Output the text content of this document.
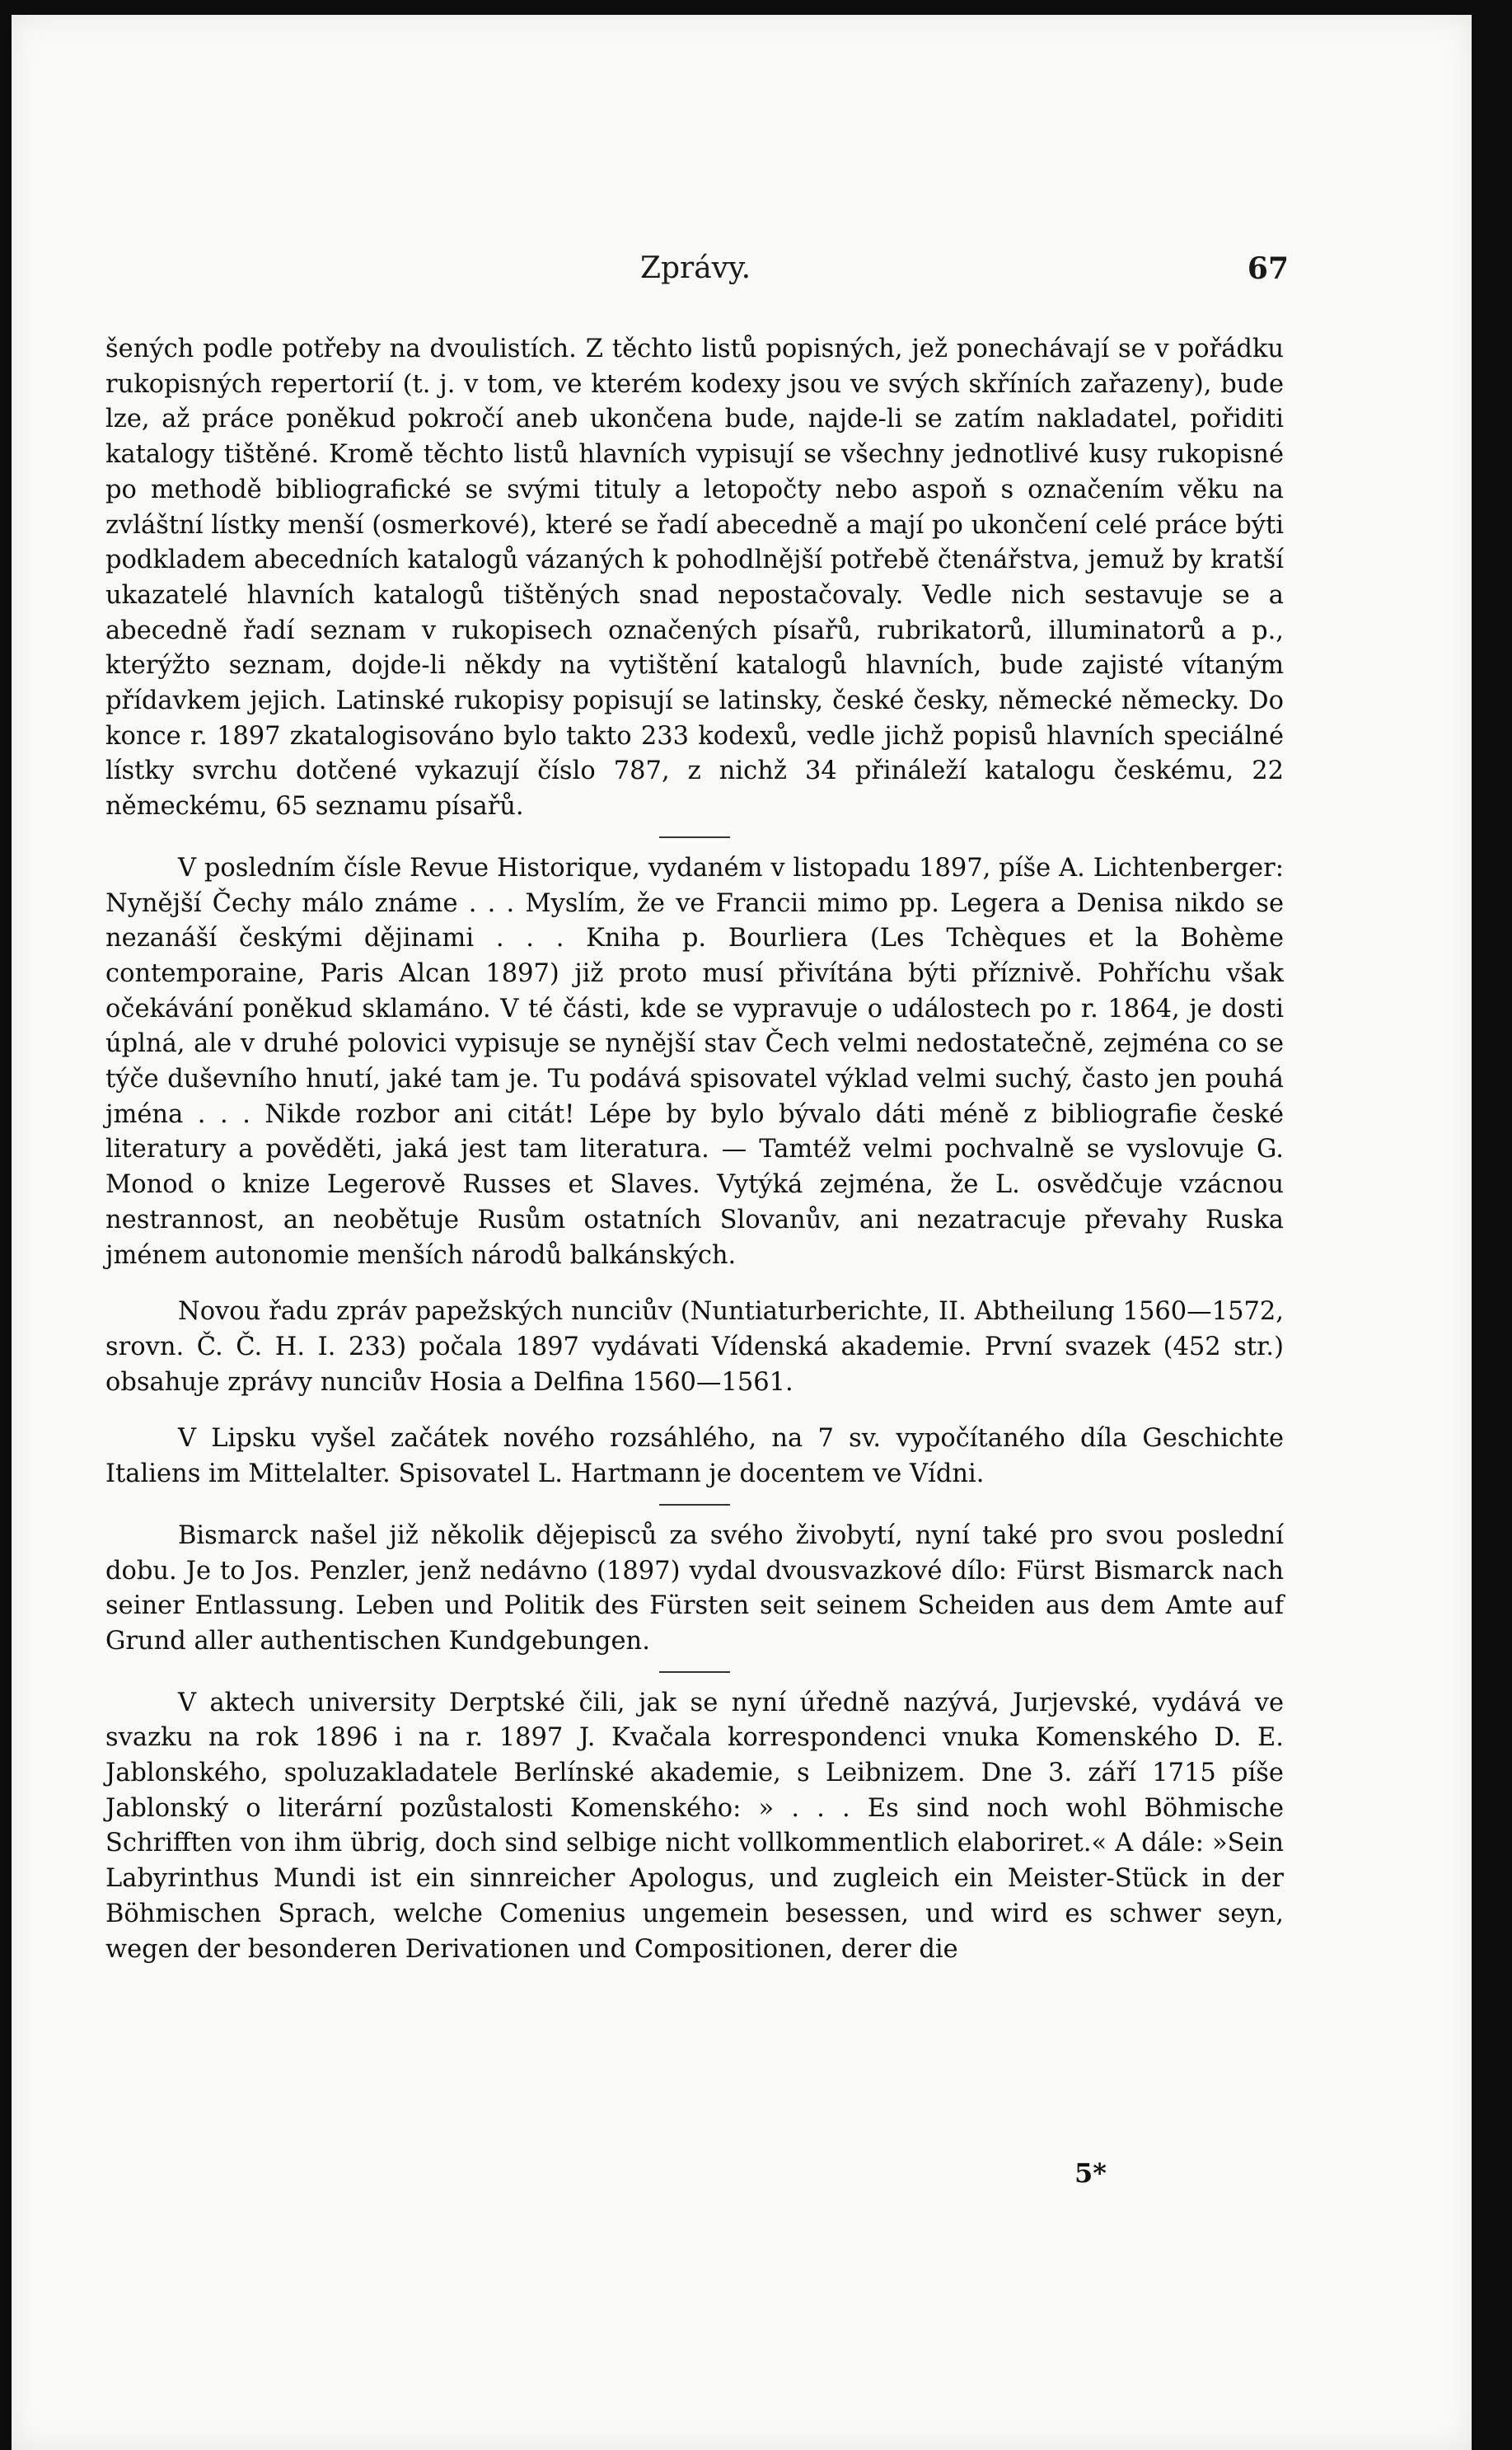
Zprávy.	67

šených podle potřeby na dvoulistích. Z těchto listů popisných, jež ponechávají se v pořádku rukopisných repertorií (t. j. v tom, ve kterém kodexy jsou ve svých skříních zařazeny), bude lze, až práce poněkud pokročí aneb ukončena bude, najde-li se zatím nakladatel, pořiditi katalogy tištěné. Kromě těchto listů hlavních vypisují se všechny jednotlivé kusy rukopisné po methodě bibliografické se svými tituly a letopočty nebo aspoň s označením věku na zvláštní lístky menší (osmerkové), které se řadí abecedně a mají po ukončení celé práce býti podkladem abecedních katalogů vázaných k pohodlnější potřebě čtenářstva, jemuž by kratší ukazatelé hlavních katalogů tištěných snad nepostačovaly. Vedle nich sestavuje se a abecedně řadí seznam v rukopisech označených písařů, rubrikatorů, illuminatorů a p., kterýžto seznam, dojde-li někdy na vytištění katalogů hlavních, bude zajisté vítaným přídavkem jejich. Latinské rukopisy popisují se latinsky, české česky, německé německy. Do konce r. 1897 zkatalogisováno bylo takto 233 kodexů, vedle jichž popisů hlavních speciálné lístky svrchu dotčené vykazují číslo 787, z nichž 34 přináleží katalogu českému, 22 německému, 65 seznamu písařů.

V posledním čísle Revue Historique, vydaném v listopadu 1897, píše A. Lichtenberger: Nynější Čechy málo známe . . . Myslím, že ve Francii mimo pp. Legera a Denisa nikdo se nezanáší českými dějinami . . . Kniha p. Bourliera (Les Tchèques et la Bohème contemporaine, Paris Alcan 1897) již proto musí přivítána býti příznivě. Pohříchu však očekávání poněkud sklamáno. V té části, kde se vypravuje o událostech po r. 1864, je dosti úplná, ale v druhé polovici vypisuje se nynější stav Čech velmi nedostatečně, zejména co se týče duševního hnutí, jaké tam je. Tu podává spisovatel výklad velmi suchý, často jen pouhá jména . . . Nikde rozbor ani citát! Lépe by bylo bývalo dáti méně z bibliografie české literatury a pověděti, jaká jest tam literatura. — Tamtéž velmi pochvalně se vyslovuje G. Monod o knize Legerově Russes et Slaves. Vytýká zejména, že L. osvědčuje vzácnou nestrannost, an neobětuje Rusům ostatních Slovanův, ani nezatracuje převahy Ruska jménem autonomie menších národů balkánských.

Novou řadu zpráv papežských nunciův (Nuntiaturberichte, II. Abtheilung 1560—1572, srovn. Č. Č. H. I. 233) počala 1897 vydávati Vídenská akademie. První svazek (452 str.) obsahuje zprávy nunciův Hosia a Delfina 1560—1561.

V Lipsku vyšel začátek nového rozsáhlého, na 7 sv. vypočítaného díla Geschichte Italiens im Mittelalter. Spisovatel L. Hartmann je docentem ve Vídni.

Bismarck našel již několik dějepisců za svého živobytí, nyní také pro svou poslední dobu. Je to Jos. Penzler, jenž nedávno (1897) vydal dvousvazkové dílo: Fürst Bismarck nach seiner Entlassung. Leben und Politik des Fürsten seit seinem Scheiden aus dem Amte auf Grund aller authentischen Kundgebungen.

V aktech university Derptské čili, jak se nyní úředně nazývá, Jurjevské, vydává ve svazku na rok 1896 i na r. 1897 J. Kvačala korrespondenci vnuka Komenského D. E. Jablonského, spoluzakladatele Berlínské akademie, s Leibnizem. Dne 3. září 1715 píše Jablonský o literární pozůstalosti Komenského: » . . . Es sind noch wohl Böhmische Schrifften von ihm übrig, doch sind selbige nicht vollkommentlich elaboriret.« A dále: »Sein Labyrinthus Mundi ist ein sinnreicher Apologus, und zugleich ein Meister-Stück in der Böhmischen Sprach, welche Comenius ungemein besessen, und wird es schwer seyn, wegen der besonderen Derivationen und Compositionen, derer die

5*
